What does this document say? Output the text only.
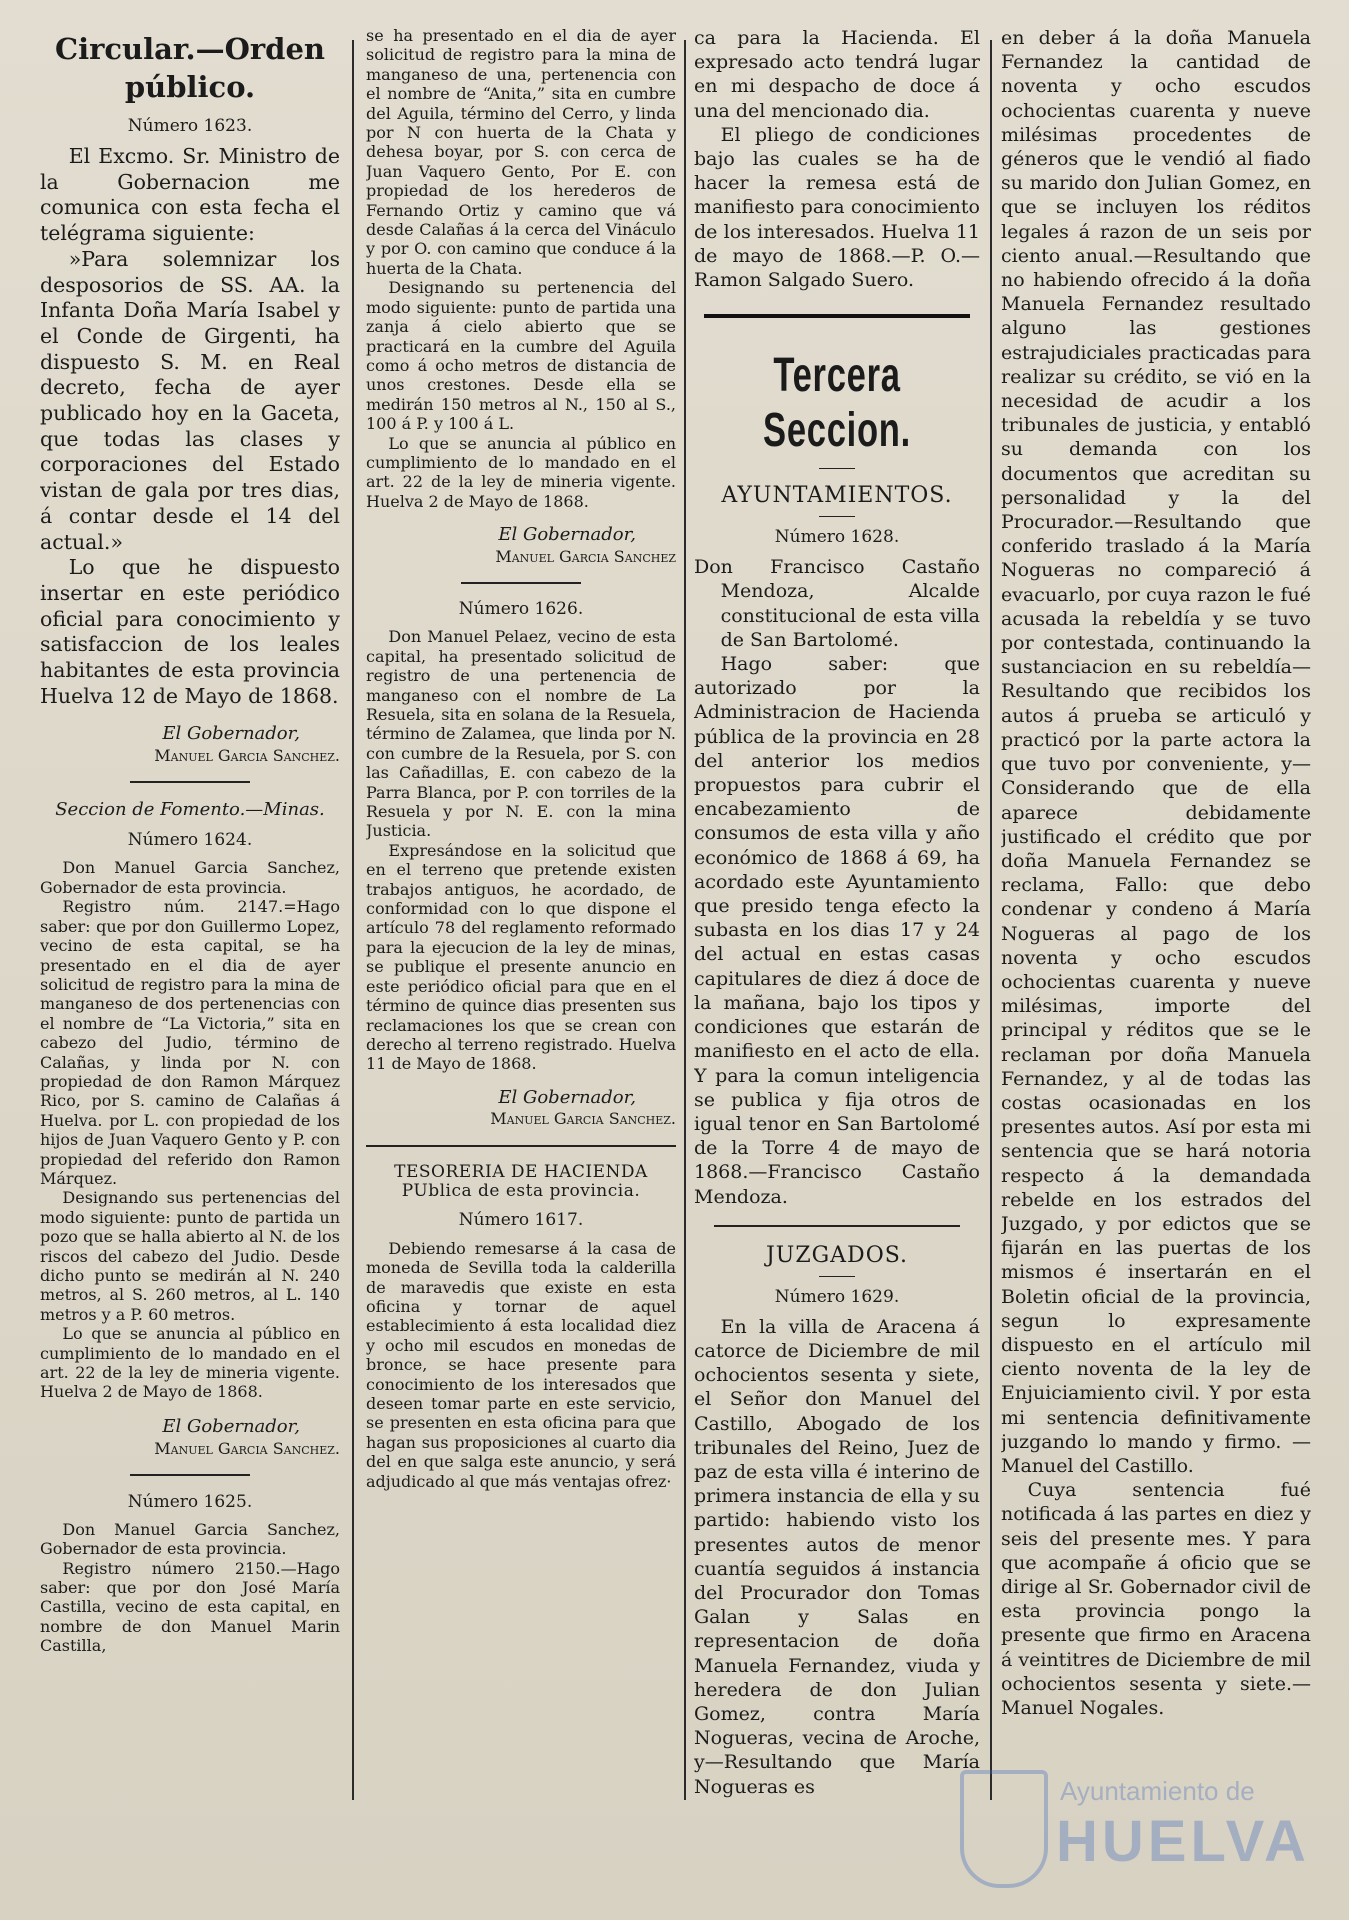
Circular.—Orden público.
Número 1623.

El Excmo. Sr. Ministro de la Gobernacion me comunica con esta fecha el telégrama siguiente:

»Para solemnizar los desposorios de SS. AA. la Infanta Doña María Isabel y el Conde de Girgenti, ha dispuesto S. M. en Real decreto, fecha de ayer publicado hoy en la Gaceta, que todas las clases y corporaciones del Estado vistan de gala por tres dias, á contar desde el 14 del actual.»

Lo que he dispuesto insertar en este periódico oficial para conocimiento y satisfaccion de los leales habitantes de esta provincia Huelva 12 de Mayo de 1868.

El Gobernador,
Manuel Garcia Sanchez.
Seccion de Fomento.—Minas.
Número 1624.

Don Manuel Garcia Sanchez, Gobernador de esta provincia.

Registro núm. 2147.=Hago saber: que por don Guillermo Lopez, vecino de esta capital, se ha presentado en el dia de ayer solicitud de registro para la mina de manganeso de dos pertenencias con el nombre de “La Victoria,” sita en cabezo del Judio, término de Calañas, y linda por N. con propiedad de don Ramon Márquez Rico, por S. camino de Calañas á Huelva. por L. con propiedad de los hijos de Juan Vaquero Gento y P. con propiedad del referido don Ramon Márquez.

Designando sus pertenencias del modo siguiente: punto de partida un pozo que se halla abierto al N. de los riscos del cabezo del Judio. Desde dicho punto se medirán al N. 240 metros, al S. 260 metros, al L. 140 metros y a P. 60 metros.

Lo que se anuncia al público en cumplimiento de lo mandado en el art. 22 de la ley de mineria vigente. Huelva 2 de Mayo de 1868.

El Gobernador,
Manuel Garcia Sanchez.
Número 1625.

Don Manuel Garcia Sanchez, Gobernador de esta provincia.

Registro número 2150.—Hago saber: que por don José María Castilla, vecino de esta capital, en nombre de don Manuel Marin Castilla,

se ha presentado en el dia de ayer solicitud de registro para la mina de manganeso de una, pertenencia con el nombre de “Anita,” sita en cumbre del Aguila, término del Cerro, y linda por N con huerta de la Chata y dehesa boyar, por S. con cerca de Juan Vaquero Gento, Por E. con propiedad de los herederos de Fernando Ortiz y camino que vá desde Calañas á la cerca del Vináculo y por O. con camino que conduce á la huerta de la Chata.

Designando su pertenencia del modo siguiente: punto de partida una zanja á cielo abierto que se practicará en la cumbre del Aguila como á ocho metros de distancia de unos crestones. Desde ella se medirán 150 metros al N., 150 al S., 100 á P. y 100 á L.

Lo que se anuncia al público en cumplimiento de lo mandado en el art. 22 de la ley de mineria vigente. Huelva 2 de Mayo de 1868.

El Gobernador,
Manuel Garcia Sanchez
Número 1626.

Don Manuel Pelaez, vecino de esta capital, ha presentado solicitud de registro de una pertenencia de manganeso con el nombre de La Resuela, sita en solana de la Resuela, término de Zalamea, que linda por N. con cumbre de la Resuela, por S. con las Cañadillas, E. con cabezo de la Parra Blanca, por P. con torriles de la Resuela y por N. E. con la mina Justicia.

Expresándose en la solicitud que en el terreno que pretende existen trabajos antiguos, he acordado, de conformidad con lo que dispone el artículo 78 del reglamento reformado para la ejecucion de la ley de minas, se publique el presente anuncio en este periódico oficial para que en el término de quince dias presenten sus reclamaciones los que se crean con derecho al terreno registrado. Huelva 11 de Mayo de 1868.

El Gobernador,
Manuel Garcia Sanchez.
TESORERIA DE HACIENDA PUblica de esta provincia.
Número 1617.

Debiendo remesarse á la casa de moneda de Sevilla toda la calderilla de maravedis que existe en esta oficina y tornar de aquel establecimiento á esta localidad diez y ocho mil escudos en monedas de bronce, se hace presente para conocimiento de los interesados que deseen tomar parte en este servicio, se presenten en esta oficina para que hagan sus proposiciones al cuarto dia del en que salga este anuncio, y será adjudicado al que más ventajas ofrez·

ca para la Hacienda. El expresado acto tendrá lugar en mi despacho de doce á una del mencionado dia.

El pliego de condiciones bajo las cuales se ha de hacer la remesa está de manifiesto para conocimiento de los interesados. Huelva 11 de mayo de 1868.—P. O.—Ramon Salgado Suero.

Tercera Seccion.
AYUNTAMIENTOS.
Número 1628.

Don Francisco Castaño Mendoza, Alcalde constitucional de esta villa de San Bartolomé.

Hago saber: que autorizado por la Administracion de Hacienda pública de la provincia en 28 del anterior los medios propuestos para cubrir el encabezamiento de consumos de esta villa y año económico de 1868 á 69, ha acordado este Ayuntamiento que presido tenga efecto la subasta en los dias 17 y 24 del actual en estas casas capitulares de diez á doce de la mañana, bajo los tipos y condiciones que estarán de manifiesto en el acto de ella. Y para la comun inteligencia se publica y fija otros de igual tenor en San Bartolomé de la Torre 4 de mayo de 1868.—Francisco Castaño Mendoza.

JUZGADOS.
Número 1629.

En la villa de Aracena á catorce de Diciembre de mil ochocientos sesenta y siete, el Señor don Manuel del Castillo, Abogado de los tribunales del Reino, Juez de paz de esta villa é interino de primera instancia de ella y su partido: habiendo visto los presentes autos de menor cuantía seguidos á instancia del Procurador don Tomas Galan y Salas en representacion de doña Manuela Fernandez, viuda y heredera de don Julian Gomez, contra María Nogueras, vecina de Aroche, y—Resultando que María Nogueras es

en deber á la doña Manuela Fernandez la cantidad de noventa y ocho escudos ochocientas cuarenta y nueve milésimas procedentes de géneros que le vendió al fiado su marido don Julian Gomez, en que se incluyen los réditos legales á razon de un seis por ciento anual.—Resultando que no habiendo ofrecido á la doña Manuela Fernandez resultado alguno las gestiones estrajudiciales practicadas para realizar su crédito, se vió en la necesidad de acudir a los tribunales de justicia, y entabló su demanda con los documentos que acreditan su personalidad y la del Procurador.—Resultando que conferido traslado á la María Nogueras no compareció á evacuarlo, por cuya razon le fué acusada la rebeldía y se tuvo por contestada, continuando la sustanciacion en su rebeldía—Resultando que recibidos los autos á prueba se articuló y practicó por la parte actora la que tuvo por conveniente, y—Considerando que de ella aparece debidamente justificado el crédito que por doña Manuela Fernandez se reclama, Fallo: que debo condenar y condeno á María Nogueras al pago de los noventa y ocho escudos ochocientas cuarenta y nueve milésimas, importe del principal y réditos que se le reclaman por doña Manuela Fernandez, y al de todas las costas ocasionadas en los presentes autos. Así por esta mi sentencia que se hará notoria respecto á la demandada rebelde en los estrados del Juzgado, y por edictos que se fijarán en las puertas de los mismos é insertarán en el Boletin oficial de la provincia, segun lo expresamente dispuesto en el artículo mil ciento noventa de la ley de Enjuiciamiento civil. Y por esta mi sentencia definitivamente juzgando lo mando y firmo. —Manuel del Castillo.

Cuya sentencia fué notificada á las partes en diez y seis del presente mes. Y para que acompañe á oficio que se dirige al Sr. Gobernador civil de esta provincia pongo la presente que firmo en Aracena á veintitres de Diciembre de mil ochocientos sesenta y siete.—Manuel Nogales.

Ayuntamiento de
HUELVA
